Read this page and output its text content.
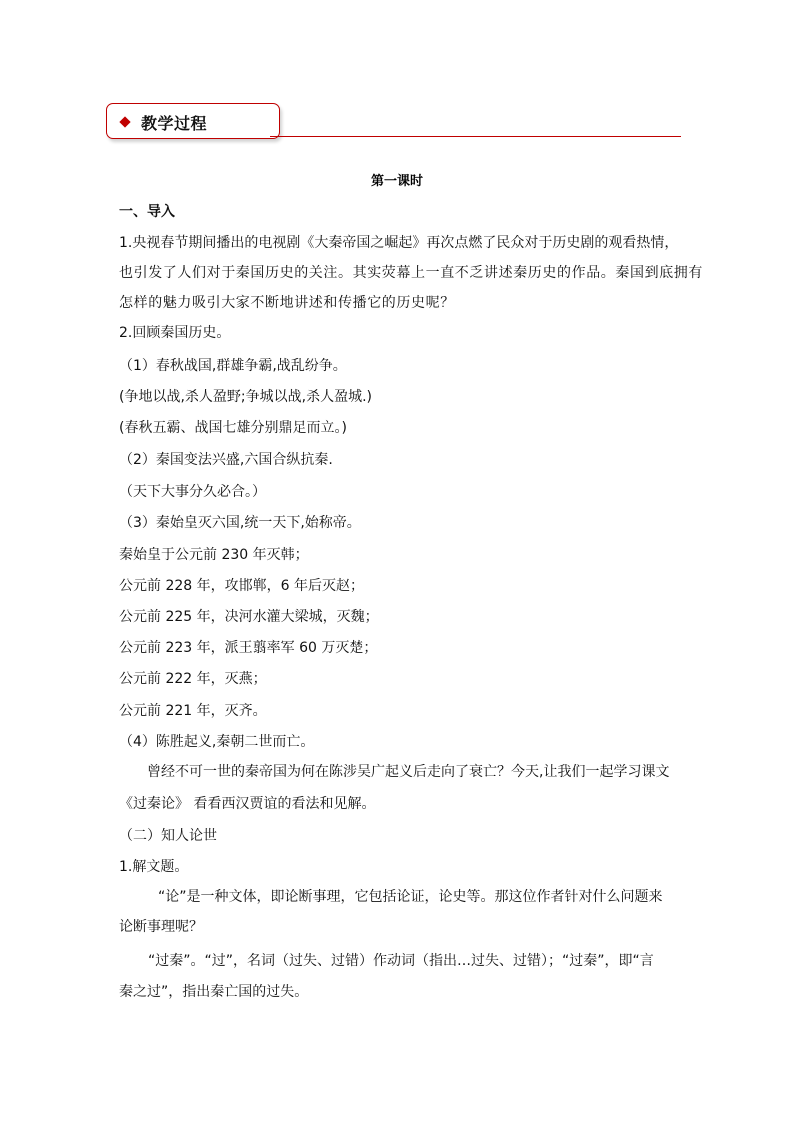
教学过程
第一课时
一、导入
1.央视春节期间播出的电视剧《大秦帝国之崛起》再次点燃了民众对于历史剧的观看热情，
也引发了人们对于秦国历史的关注。其实荧幕上一直不乏讲述秦历史的作品。秦国到底拥有
怎样的魅力吸引大家不断地讲述和传播它的历史呢？
2.回顾秦国历史。
（1）春秋战国,群雄争霸,战乱纷争。
(争地以战,杀人盈野;争城以战,杀人盈城.)
(春秋五霸、战国七雄分别鼎足而立。)
（2）秦国变法兴盛,六国合纵抗秦.
（天下大事分久必合。）
（3）秦始皇灭六国,统一天下,始称帝。
秦始皇于公元前 230 年灭韩；
公元前 228 年，攻邯郸，6 年后灭赵；
公元前 225 年，决河水灌大梁城，灭魏；
公元前 223 年，派王翦率军 60 万灭楚；
公元前 222 年，灭燕；
公元前 221 年，灭齐。
（4）陈胜起义,秦朝二世而亡。
曾经不可一世的秦帝国为何在陈涉吴广起义后走向了衰亡？今天,让我们一起学习课文
《过秦论》 看看西汉贾谊的看法和见解。
（二）知人论世
1.解文题。
“论”是一种文体，即论断事理，它包括论证，论史等。那这位作者针对什么问题来
论断事理呢？
“过秦”。“过”，名词（过失、过错）作动词（指出…过失、过错）；“过秦”，即“言
秦之过”，指出秦亡国的过失。
